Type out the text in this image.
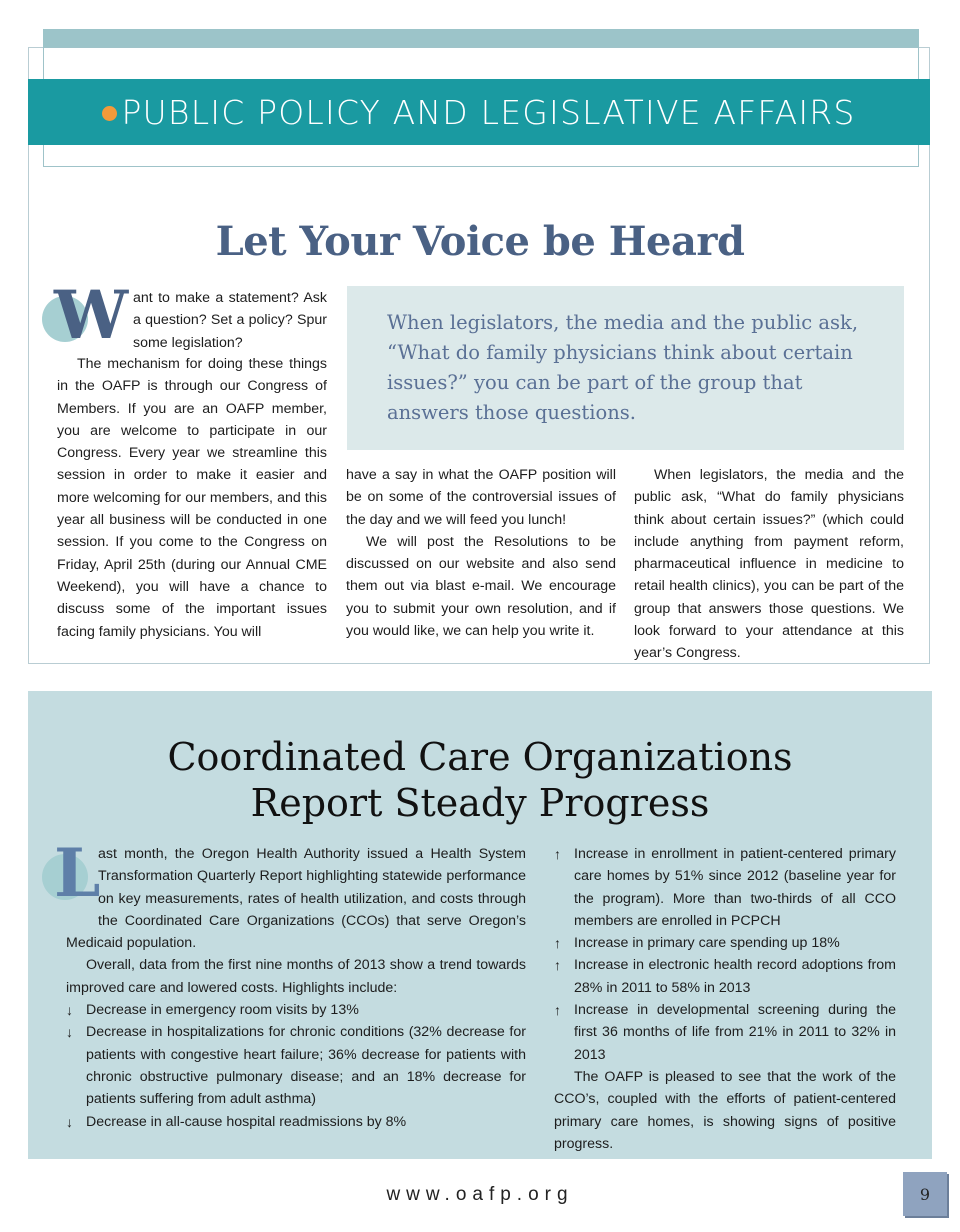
PUBLIC POLICY AND LEGISLATIVE AFFAIRS
Let Your Voice be Heard
W ant to make a statement? Ask a question? Set a policy? Spur some legislation?

The mechanism for doing these things in the OAFP is through our Congress of Members. If you are an OAFP member, you are welcome to participate in our Congress. Every year we streamline this session in order to make it easier and more welcoming for our members, and this year all business will be conducted in one session. If you come to the Congress on Friday, April 25th (during our Annual CME Weekend), you will have a chance to discuss some of the important issues facing family physicians. You will

When legislators, the media and the public ask, “What do family physicians think about certain issues?” you can be part of the group that answers those questions.

have a say in what the OAFP position will be on some of the controversial issues of the day and we will feed you lunch!

We will post the Resolutions to be discussed on our website and also send them out via blast e-mail. We encourage you to submit your own resolution, and if you would like, we can help you write it.

When legislators, the media and the public ask, “What do family physicians think about certain issues?” (which could include anything from payment reform, pharmaceutical influence in medicine to retail health clinics), you can be part of the group that answers those questions. We look forward to your attendance at this year’s Congress.

Coordinated Care Organizations
Report Steady Progress
L

ast month, the Oregon Health Authority issued a Health System Transformation Quarterly Report highlighting statewide performance on key measurements, rates of health utilization, and costs through the Coordinated Care Organizations (CCOs) that serve Oregon’s Medicaid population.

Overall, data from the first nine months of 2013 show a trend towards improved care and lowered costs. Highlights include:

↓ Decrease in emergency room visits by 13%
↓ Decrease in hospitalizations for chronic conditions (32% decrease for patients with congestive heart failure; 36% decrease for patients with chronic obstructive pulmonary disease; and an 18% decrease for patients suffering from adult asthma)
↓ Decrease in all-cause hospital readmissions by 8%
↑ Increase in enrollment in patient-centered primary care homes by 51% since 2012 (baseline year for the program). More than two-thirds of all CCO members are enrolled in PCPCH
↑ Increase in primary care spending up 18%
↑ Increase in electronic health record adoptions from 28% in 2011 to 58% in 2013
↑ Increase in developmental screening during the first 36 months of life from 21% in 2011 to 32% in 2013

The OAFP is pleased to see that the work of the CCO’s, coupled with the efforts of patient-centered primary care homes, is showing signs of positive progress.

www.oafp.org	9
